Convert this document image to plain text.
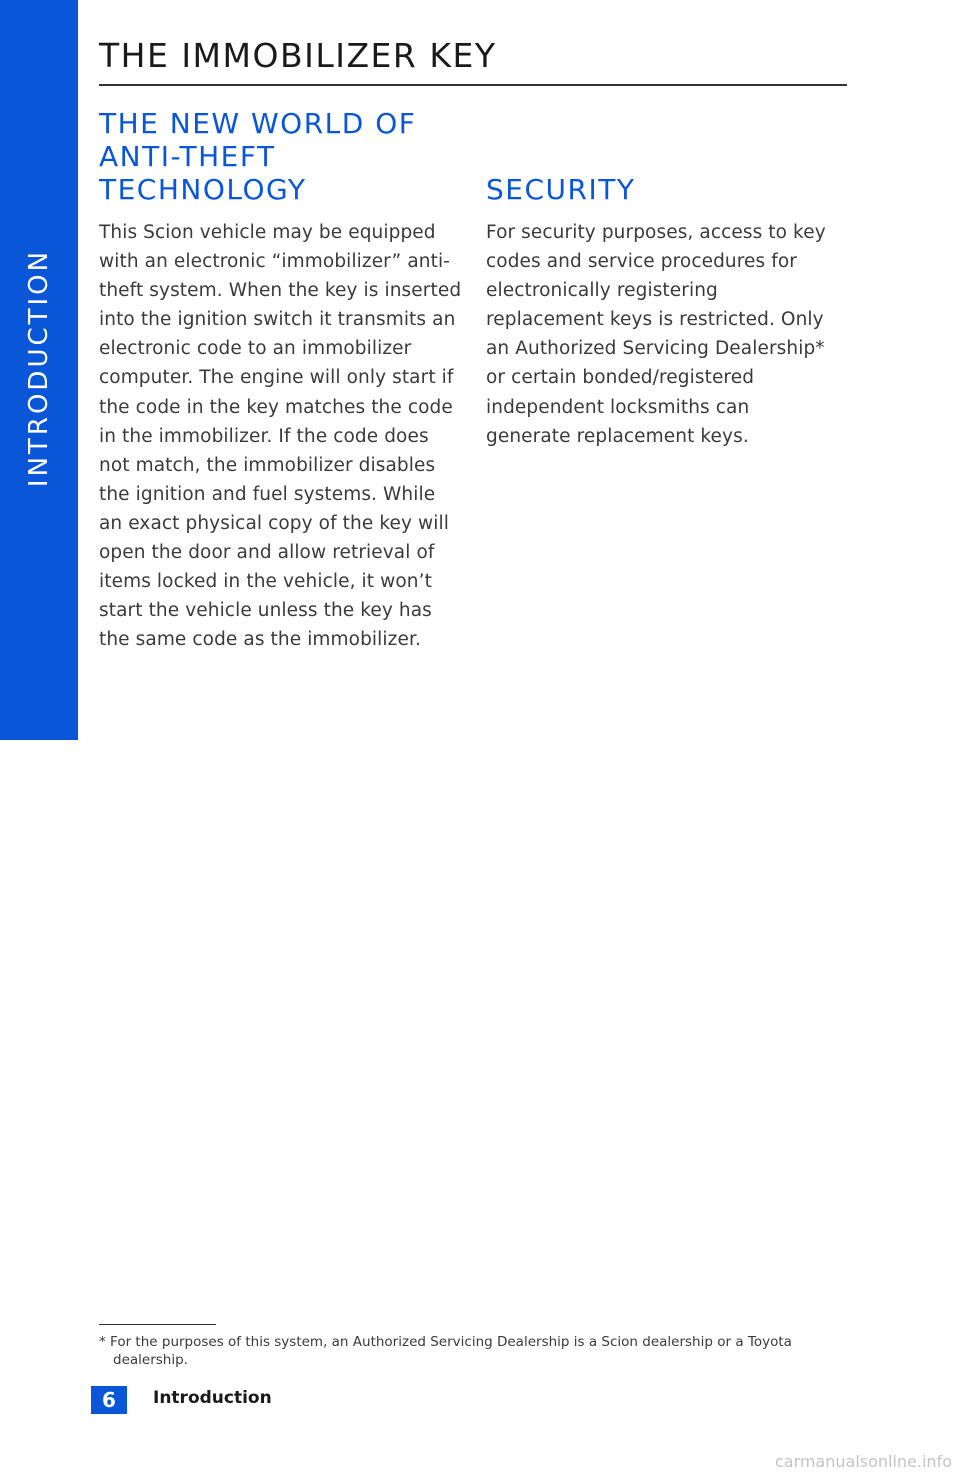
INTRODUCTION
THE IMMOBILIZER KEY
THE NEW WORLD OF ANTI-THEFT TECHNOLOGY

This Scion vehicle may be equipped with an electronic “immobilizer” anti-theft system. When the key is inserted into the ignition switch it transmits an electronic code to an immobilizer computer. The engine will only start if the code in the key matches the code in the immobilizer. If the code does not match, the immobilizer disables the ignition and fuel systems. While an exact physical copy of the key will open the door and allow retrieval of items locked in the vehicle, it won’t start the vehicle unless the key has the same code as the immobilizer.

SECURITY

For security purposes, access to key codes and service procedures for electronically registering replacement keys is restricted. Only an Authorized Servicing Dealership* or certain bonded/registered independent locksmiths can generate replacement keys.

* For the purposes of this system, an Authorized Servicing Dealership is a Scion dealership or a Toyota dealership.

6	Introduction
carmanualsonline.info
